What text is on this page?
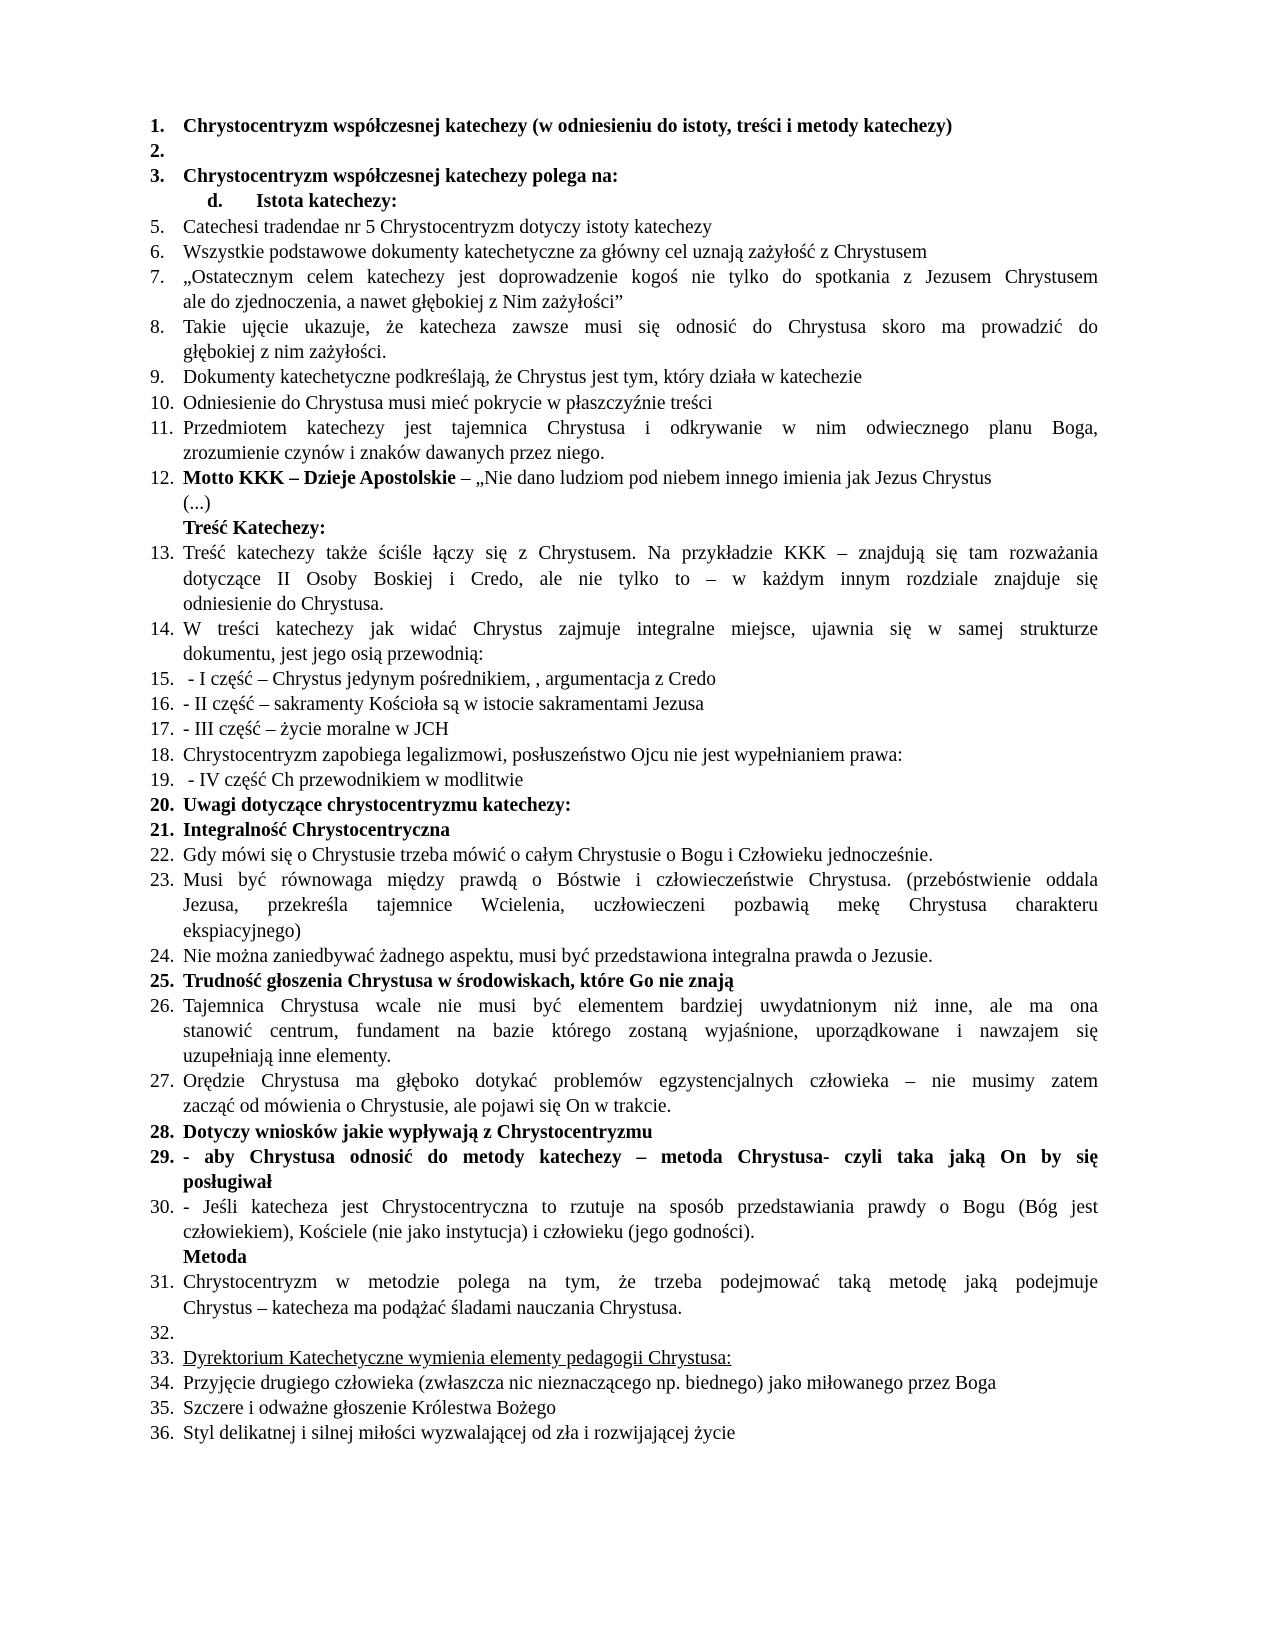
1. Chrystocentryzm współczesnej katechezy (w odniesieniu do istoty, treści i metody katechezy)
2.
3. Chrystocentryzm współczesnej katechezy polega na:
d.	Istota katechezy:
5. Catechesi tradendae nr 5 Chrystocentryzm dotyczy istoty katechezy
6. Wszystkie podstawowe dokumenty katechetyczne za główny cel uznają zażyłość z Chrystusem
7. „Ostatecznym celem katechezy jest doprowadzenie kogoś nie tylko do spotkania z Jezusem Chrystusem
ale do zjednoczenia, a nawet głębokiej z Nim zażyłości”
8. Takie ujęcie ukazuje, że katecheza zawsze musi się odnosić do Chrystusa skoro ma prowadzić do
głębokiej z nim zażyłości.
9. Dokumenty katechetyczne podkreślają, że Chrystus jest tym, który działa w katechezie
10. Odniesienie do Chrystusa musi mieć pokrycie w płaszczyźnie treści
11. Przedmiotem katechezy jest tajemnica Chrystusa i odkrywanie w nim odwiecznego planu Boga,
zrozumienie czynów i znaków dawanych przez niego.
12. Motto KKK – Dzieje Apostolskie – „Nie dano ludziom pod niebem innego imienia jak Jezus Chrystus
(...)
Treść Katechezy:
13. Treść katechezy także ściśle łączy się z Chrystusem. Na przykładzie KKK – znajdują się tam rozważania
dotyczące II Osoby Boskiej i Credo, ale nie tylko to – w każdym innym rozdziale znajduje się
odniesienie do Chrystusa.
14. W treści katechezy jak widać Chrystus zajmuje integralne miejsce, ujawnia się w samej strukturze
dokumentu, jest jego osią przewodnią:
15. - I część – Chrystus jedynym pośrednikiem, , argumentacja z Credo
16. - II część – sakramenty Kościoła są w istocie sakramentami Jezusa
17. - III część – życie moralne w JCH
18. Chrystocentryzm zapobiega legalizmowi, posłuszeństwo Ojcu nie jest wypełnianiem prawa:
19. - IV część Ch przewodnikiem w modlitwie
20. Uwagi dotyczące chrystocentryzmu katechezy:
21. Integralność Chrystocentryczna
22. Gdy mówi się o Chrystusie trzeba mówić o całym Chrystusie o Bogu i Człowieku jednocześnie.
23. Musi być równowaga między prawdą o Bóstwie i człowieczeństwie Chrystusa. (przebóstwienie oddala
Jezusa, przekreśla tajemnice Wcielenia, uczłowieczeni pozbawią mekę Chrystusa charakteru
ekspiacyjnego)
24. Nie można zaniedbywać żadnego aspektu, musi być przedstawiona integralna prawda o Jezusie.
25. Trudność głoszenia Chrystusa w środowiskach, które Go nie znają
26. Tajemnica Chrystusa wcale nie musi być elementem bardziej uwydatnionym niż inne, ale ma ona
stanowić centrum, fundament na bazie którego zostaną wyjaśnione, uporządkowane i nawzajem się
uzupełniają inne elementy.
27. Orędzie Chrystusa ma głęboko dotykać problemów egzystencjalnych człowieka – nie musimy zatem
zacząć od mówienia o Chrystusie, ale pojawi się On w trakcie.
28. Dotyczy wniosków jakie wypływają z Chrystocentryzmu
29. - aby Chrystusa odnosić do metody katechezy – metoda Chrystusa- czyli taka jaką On by się
posługiwał
30. - Jeśli katecheza jest Chrystocentryczna to rzutuje na sposób przedstawiania prawdy o Bogu (Bóg jest
człowiekiem), Kościele (nie jako instytucja) i człowieku (jego godności).
Metoda
31. Chrystocentryzm w metodzie polega na tym, że trzeba podejmować taką metodę jaką podejmuje
Chrystus – katecheza ma podążać śladami nauczania Chrystusa.
32.
33. Dyrektorium Katechetyczne wymienia elementy pedagogii Chrystusa:
34. Przyjęcie drugiego człowieka (zwłaszcza nic nieznaczącego np. biednego) jako miłowanego przez Boga
35. Szczere i odważne głoszenie Królestwa Bożego
36. Styl delikatnej i silnej miłości wyzwalającej od zła i rozwijającej życie
